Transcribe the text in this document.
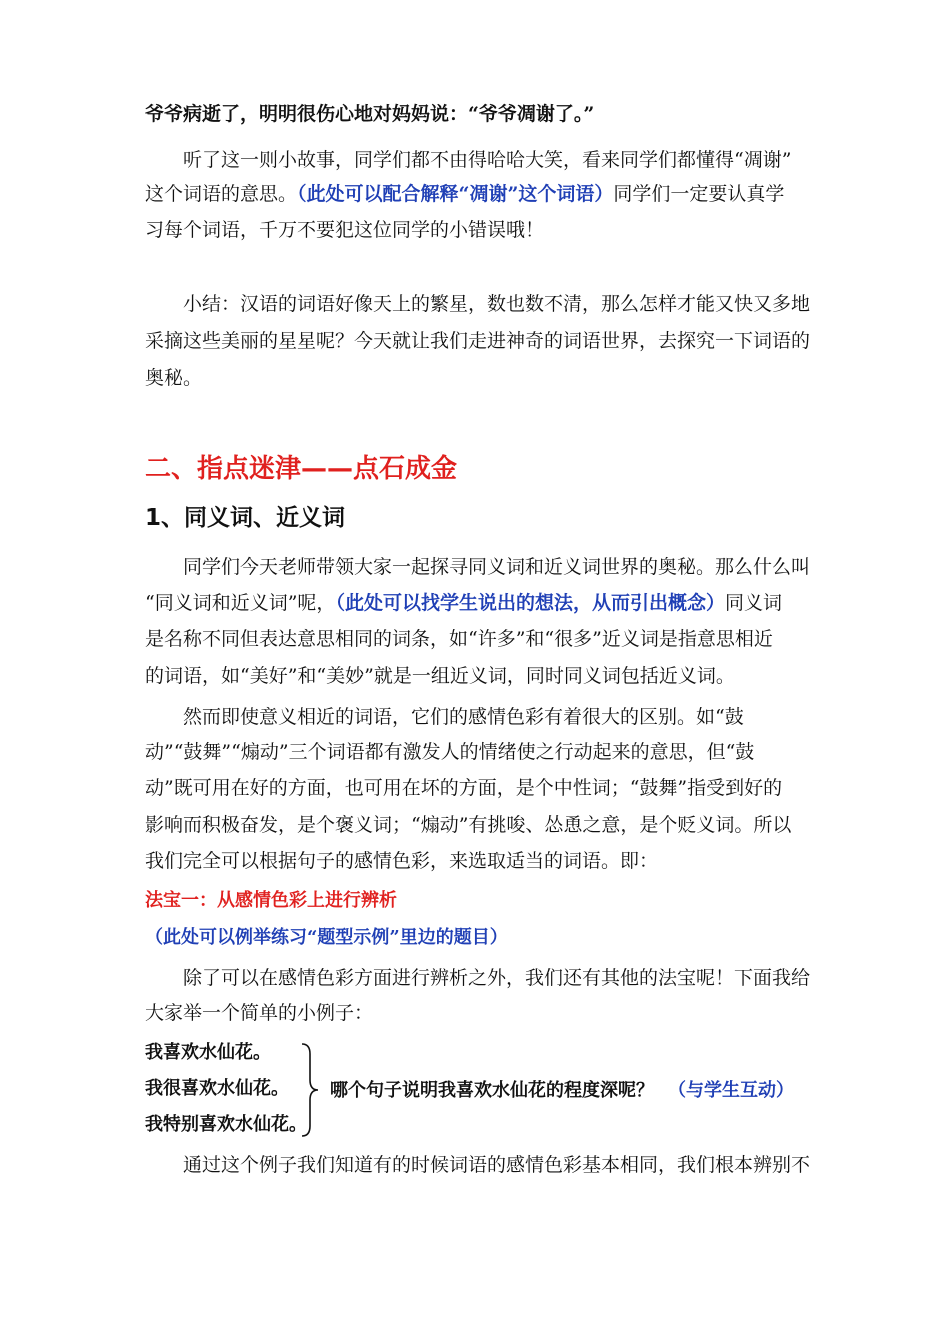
爷爷病逝了，明明很伤心地对妈妈说：“爷爷凋谢了。”
听了这一则小故事，同学们都不由得哈哈大笑，看来同学们都懂得“凋谢”
这个词语的意思。（此处可以配合解释“凋谢”这个词语）同学们一定要认真学
习每个词语，千万不要犯这位同学的小错误哦！
小结：汉语的词语好像天上的繁星，数也数不清，那么怎样才能又快又多地
采摘这些美丽的星星呢？今天就让我们走进神奇的词语世界，去探究一下词语的
奥秘。
二、指点迷津——点石成金
1、同义词、近义词
同学们今天老师带领大家一起探寻同义词和近义词世界的奥秘。那么什么叫
“同义词和近义词”呢，（此处可以找学生说出的想法，从而引出概念）同义词
是名称不同但表达意思相同的词条，如“许多”和“很多”近义词是指意思相近
的词语，如“美好”和“美妙”就是一组近义词，同时同义词包括近义词。
然而即使意义相近的词语，它们的感情色彩有着很大的区别。如“鼓
动”“鼓舞”“煽动”三个词语都有激发人的情绪使之行动起来的意思，但“鼓
动”既可用在好的方面，也可用在坏的方面，是个中性词；“鼓舞”指受到好的
影响而积极奋发，是个褒义词；“煽动”有挑唆、怂恿之意，是个贬义词。所以
我们完全可以根据句子的感情色彩，来选取适当的词语。即：
法宝一：从感情色彩上进行辨析
（此处可以例举练习“题型示例”里边的题目）
除了可以在感情色彩方面进行辨析之外，我们还有其他的法宝呢！下面我给
大家举一个简单的小例子：
我喜欢水仙花。
我很喜欢水仙花。
我特别喜欢水仙花。
哪个句子说明我喜欢水仙花的程度深呢？ （与学生互动）
通过这个例子我们知道有的时候词语的感情色彩基本相同，我们根本辨别不
